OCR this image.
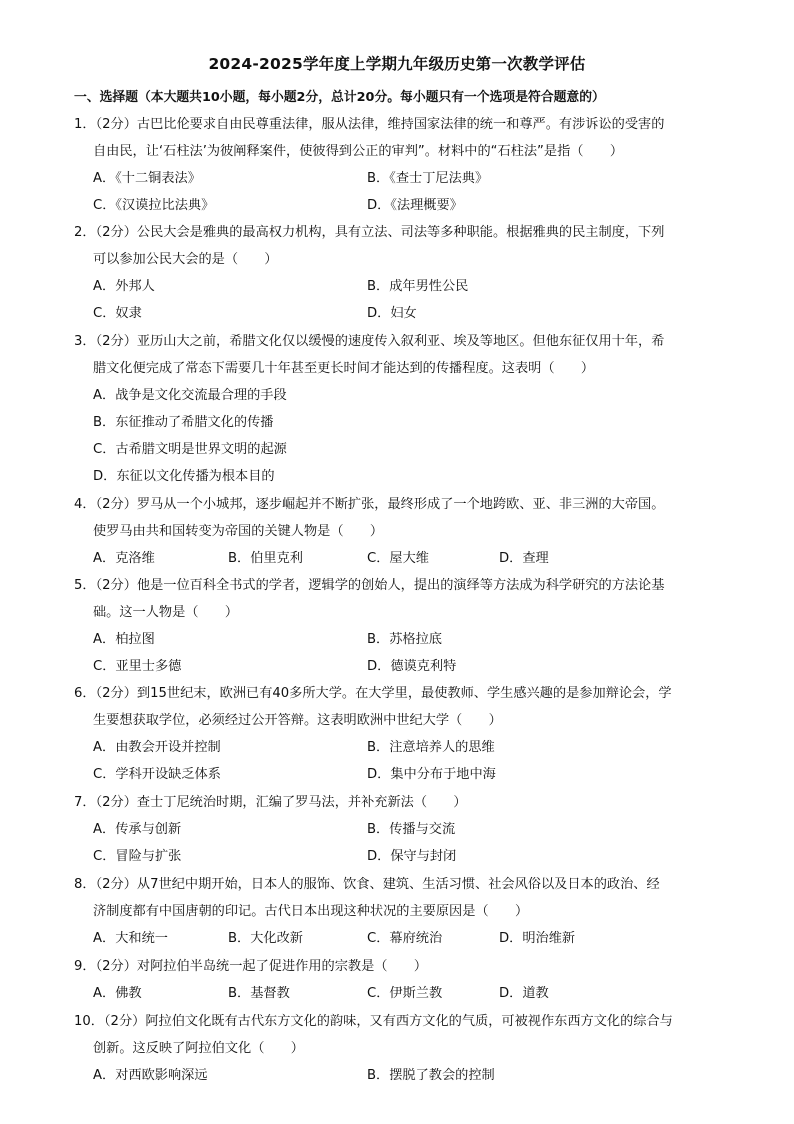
2024-2025学年度上学期九年级历史第一次教学评估
一、选择题（本大题共10小题，每小题2分，总计20分。每小题只有一个选项是符合题意的）
1．（2分）古巴比伦要求自由民尊重法律，服从法律，维持国家法律的统一和尊严。有涉诉讼的受害的
自由民，让‘石柱法’为彼阐释案件，使彼得到公正的审判”。材料中的“石柱法”是指（　　）
A．《十二铜表法》	B．《查士丁尼法典》
C．《汉谟拉比法典》	D．《法理概要》
2．（2分）公民大会是雅典的最高权力机构，具有立法、司法等多种职能。根据雅典的民主制度，下列
可以参加公民大会的是（　　）
A．外邦人	B．成年男性公民
C．奴隶	D．妇女
3．（2分）亚历山大之前，希腊文化仅以缓慢的速度传入叙利亚、埃及等地区。但他东征仅用十年，希
腊文化便完成了常态下需要几十年甚至更长时间才能达到的传播程度。这表明（　　）
A．战争是文化交流最合理的手段
B．东征推动了希腊文化的传播
C．古希腊文明是世界文明的起源
D．东征以文化传播为根本目的
4．（2分）罗马从一个小城邦，逐步崛起并不断扩张，最终形成了一个地跨欧、亚、非三洲的大帝国。
使罗马由共和国转变为帝国的关键人物是（　　）
A．克洛维	B．伯里克利	C．屋大维	D．查理
5．（2分）他是一位百科全书式的学者，逻辑学的创始人，提出的演绎等方法成为科学研究的方法论基
础。这一人物是（　　）
A．柏拉图	B．苏格拉底
C．亚里士多德	D．德谟克利特
6．（2分）到15世纪末，欧洲已有40多所大学。在大学里，最使教师、学生感兴趣的是参加辩论会，学
生要想获取学位，必须经过公开答辩。这表明欧洲中世纪大学（　　）
A．由教会开设并控制	B．注意培养人的思维
C．学科开设缺乏体系	D．集中分布于地中海
7．（2分）查士丁尼统治时期，汇编了罗马法，并补充新法（　　）
A．传承与创新	B．传播与交流
C．冒险与扩张	D．保守与封闭
8．（2分）从7世纪中期开始，日本人的服饰、饮食、建筑、生活习惯、社会风俗以及日本的政治、经
济制度都有中国唐朝的印记。古代日本出现这种状况的主要原因是（　　）
A．大和统一	B．大化改新	C．幕府统治	D．明治维新
9．（2分）对阿拉伯半岛统一起了促进作用的宗教是（　　）
A．佛教	B．基督教	C．伊斯兰教	D．道教
10．（2分）阿拉伯文化既有古代东方文化的韵味，又有西方文化的气质，可被视作东西方文化的综合与
创新。这反映了阿拉伯文化（　　）
A．对西欧影响深远	B．摆脱了教会的控制
